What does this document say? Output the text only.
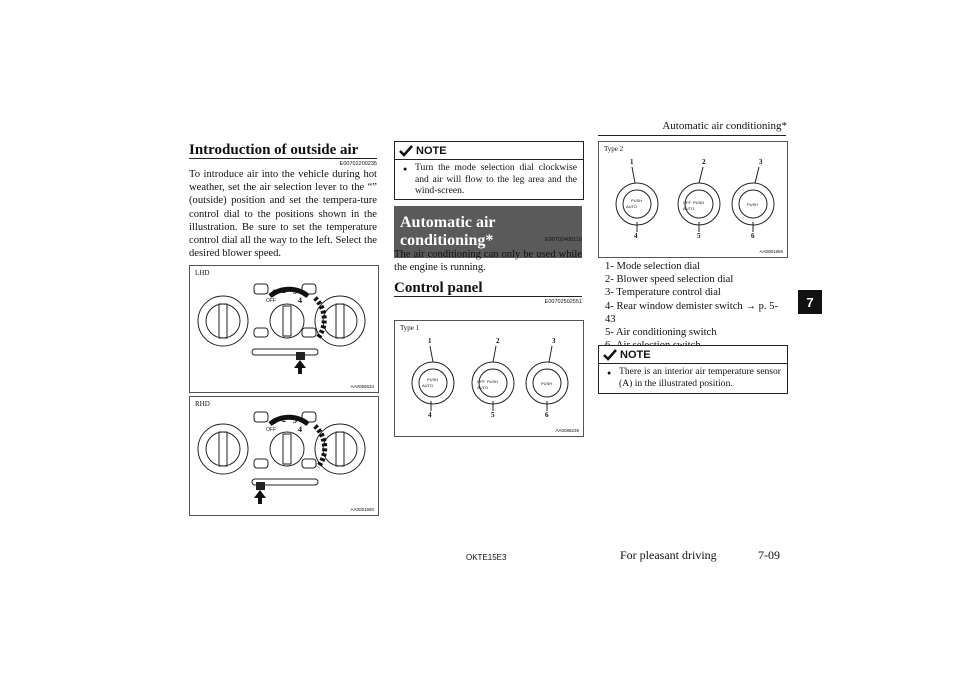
Automatic air conditioning*
7
Introduction of outside air
E00702200235
To introduce air into the vehicle during hot weather, set the air selection lever to the “” (outside) position and set the tempera-ture control dial to the positions shown in the illustration. Be sure to set the temperature control dial all the way to the left. Select the desired blower speed.
LHD
OFF
1 2 3
4
AA0055633
RHD
OFF
1 2 3
4
AA0051680
NOTE
● Turn the mode selection dial clockwise and air will flow to the leg area and the wind-screen.
Automatic air conditioning*	E00702400110
The air conditioning can only be used while the engine is running.
Control panel
E00702502551
Type 1
1	2	3
4	5	6
PUSH
AUTO
OFF PUSH
AUTO
PUSH
AA0088239
Type 2
1	2	3
4	5	6
PUSH
AUTO
OFF PUSH
AUTO
PUSH
AA0081856
1- Mode selection dial
2- Blower speed selection dial
3- Temperature control dial
4- Rear window demister switch → p. 5-43
5- Air conditioning switch
NOTE
● There is an interior air temperature sensor (A) in the illustrated position.
OKTE15E3	For pleasant driving	7-09
